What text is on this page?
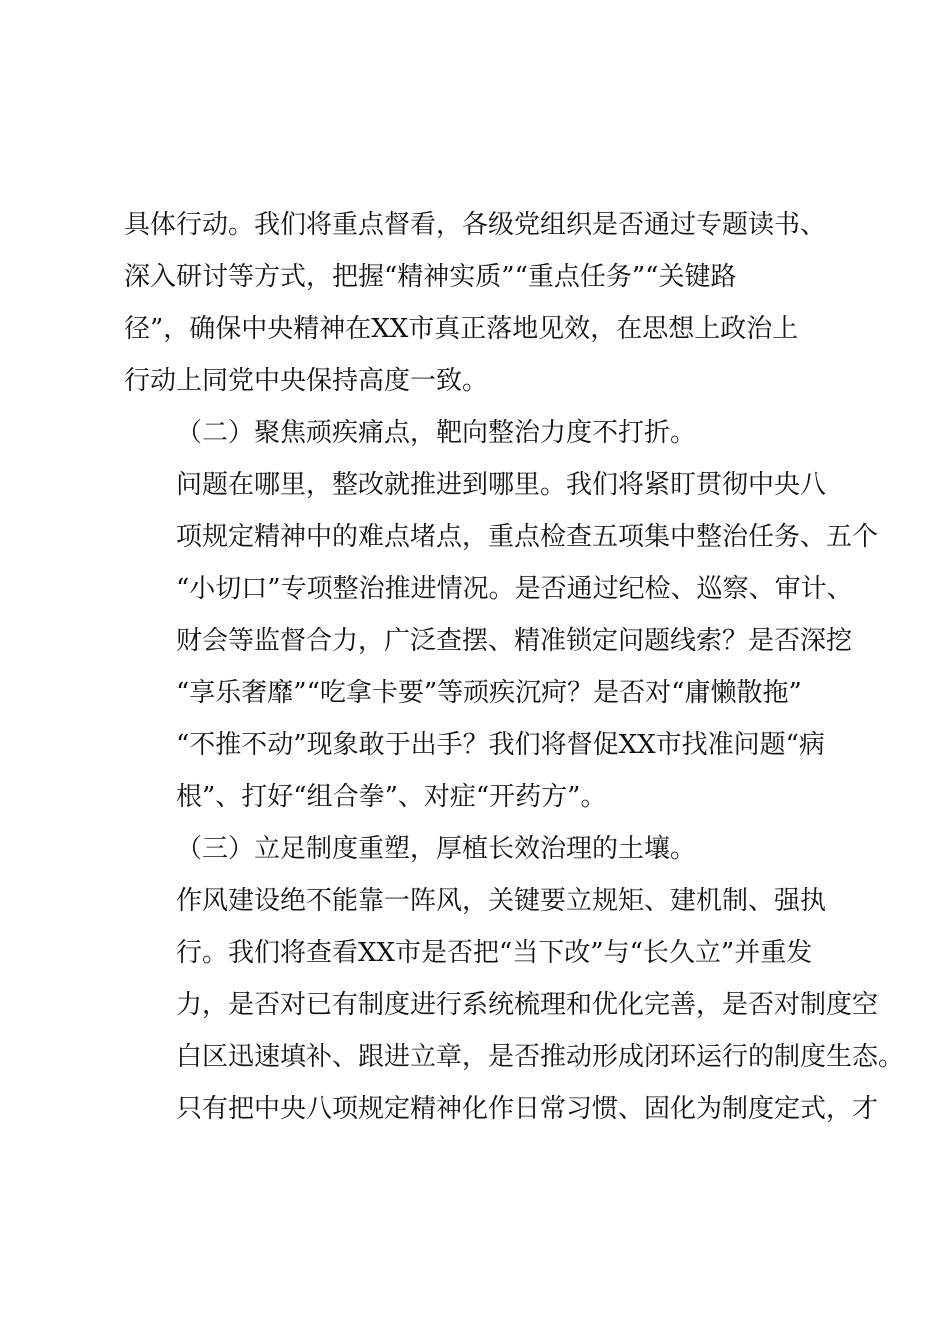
具体行动。我们将重点督看，各级党组织是否通过专题读书、
深入研讨等方式，把握“精神实质”“重点任务”“关键路
径”，确保中央精神在XX市真正落地见效，在思想上政治上
行动上同党中央保持高度一致。
（二）聚焦顽疾痛点，靶向整治力度不打折。
问题在哪里，整改就推进到哪里。我们将紧盯贯彻中央八
项规定精神中的难点堵点，重点检查五项集中整治任务、五个
“小切口”专项整治推进情况。是否通过纪检、巡察、审计、
财会等监督合力，广泛查摆、精准锁定问题线索？是否深挖
“享乐奢靡”“吃拿卡要”等顽疾沉疴？是否对“庸懒散拖”
“不推不动”现象敢于出手？我们将督促XX市找准问题“病
根”、打好“组合拳”、对症“开药方”。
（三）立足制度重塑，厚植长效治理的土壤。
作风建设绝不能靠一阵风，关键要立规矩、建机制、强执
行。我们将查看XX市是否把“当下改”与“长久立”并重发
力，是否对已有制度进行系统梳理和优化完善，是否对制度空
白区迅速填补、跟进立章，是否推动形成闭环运行的制度生态。
只有把中央八项规定精神化作日常习惯、固化为制度定式，才
